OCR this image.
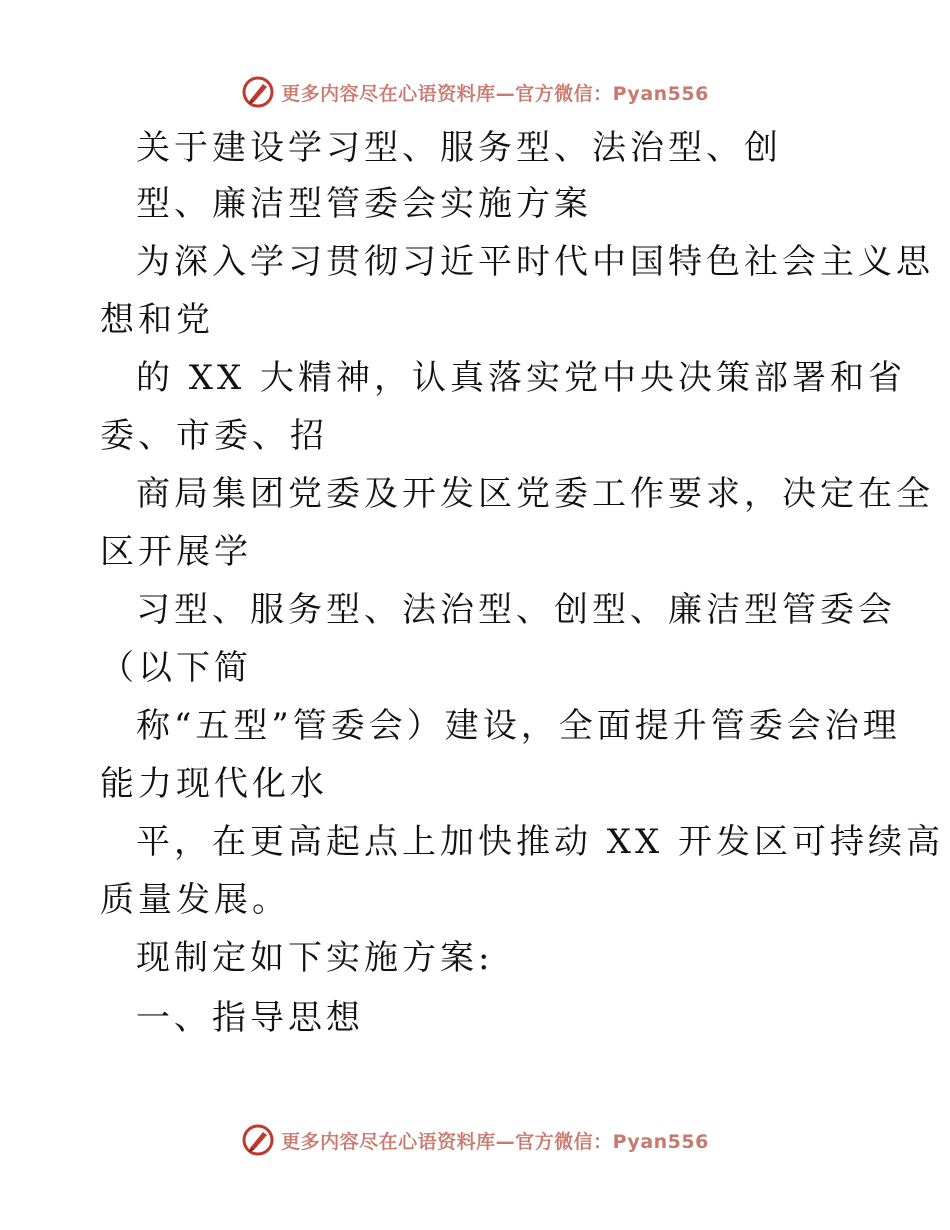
更多内容尽在心语资料库—官方微信：Pyan556
关于建设学习型、服务型、法治型、创
型、廉洁型管委会实施方案
为深入学习贯彻习近平时代中国特色社会主义思
想和党
的 XX 大精神，认真落实党中央决策部署和省
委、市委、招
商局集团党委及开发区党委工作要求，决定在全
区开展学
习型、服务型、法治型、创型、廉洁型管委会
（以下简
称“五型”管委会）建设，全面提升管委会治理
能力现代化水
平，在更高起点上加快推动 XX 开发区可持续高
质量发展。
现制定如下实施方案:
一、指导思想
更多内容尽在心语资料库—官方微信：Pyan556
